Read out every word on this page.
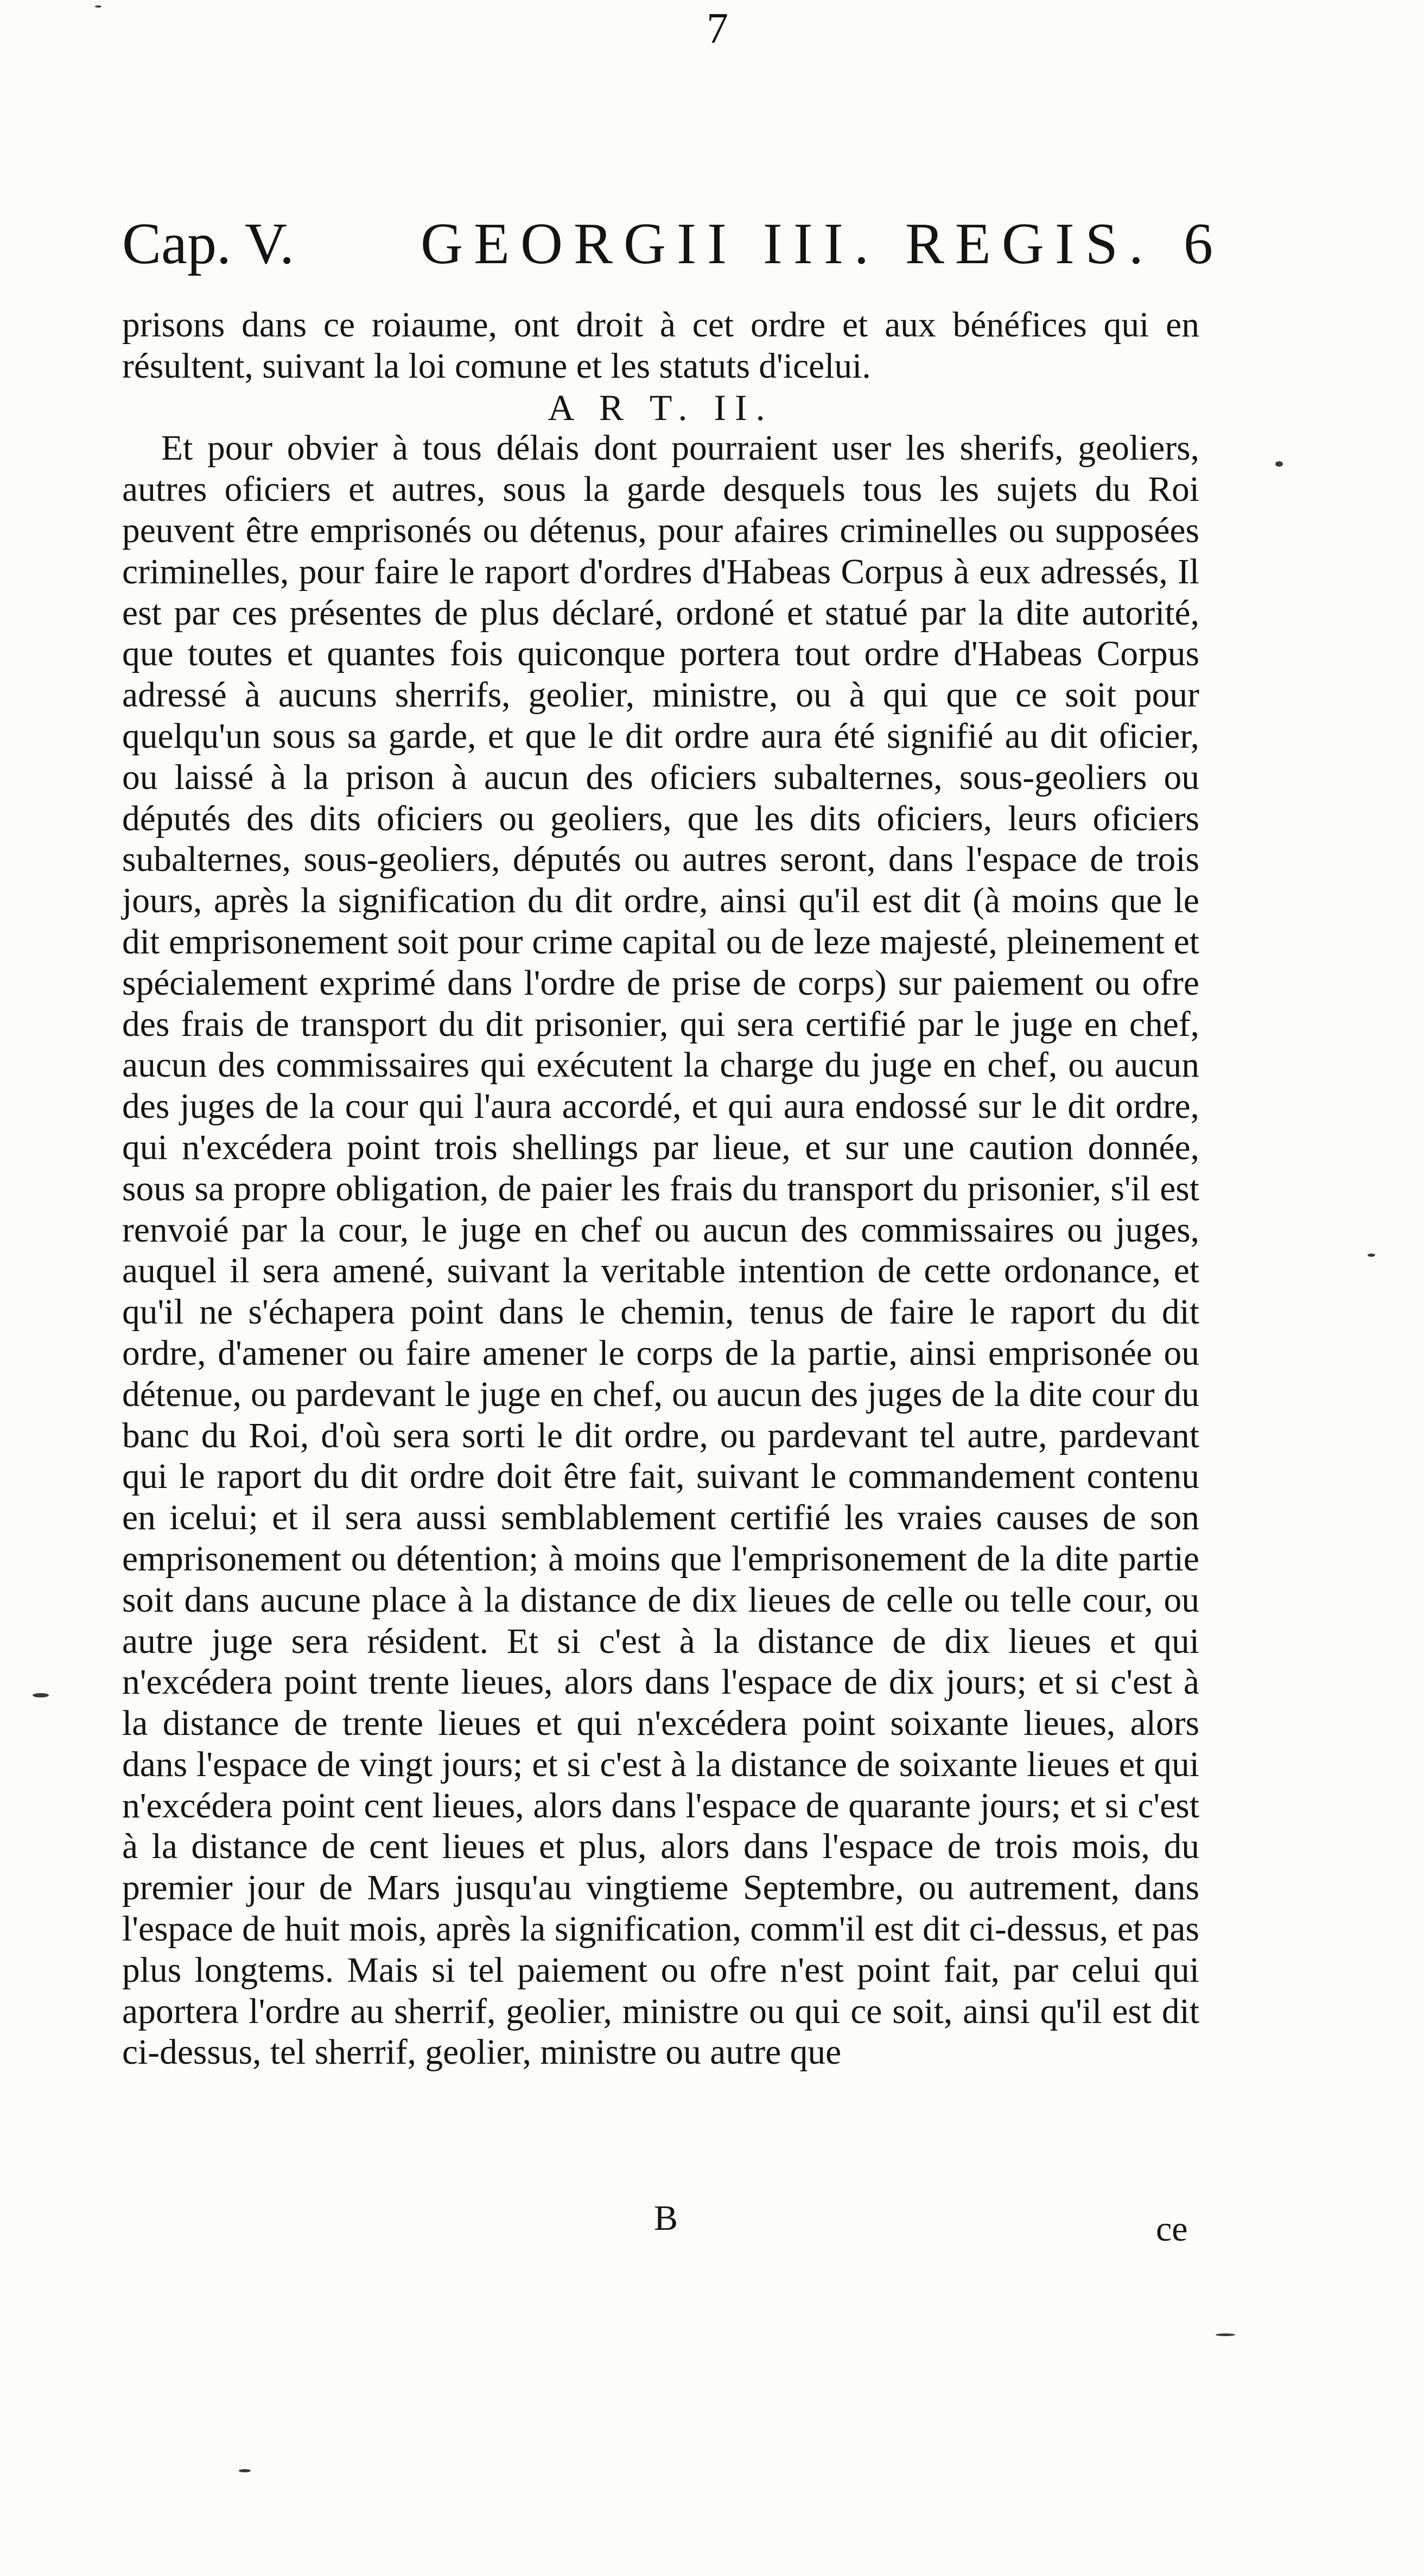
7
Cap. V. GEORGII III. REGIS. 6

prisons dans ce roiaume, ont droit à cet ordre et aux bénéfices qui en résultent, suivant la loi comune et les statuts d'icelui.

A R T. II.

Et pour obvier à tous délais dont pourraient user les sherifs, geoliers, autres oficiers et autres, sous la garde desquels tous les sujets du Roi peuvent être emprisonés ou détenus, pour afaires criminelles ou supposées criminelles, pour faire le raport d'ordres d'Habeas Corpus à eux adressés, Il est par ces présentes de plus déclaré, ordoné et statué par la dite autorité, que toutes et quantes fois quiconque portera tout ordre d'Habeas Corpus adressé à aucuns sherrifs, geolier, ministre, ou à qui que ce soit pour quelqu'un sous sa garde, et que le dit ordre aura été signifié au dit oficier, ou laissé à la prison à aucun des oficiers subalternes, sous-geoliers ou députés des dits oficiers ou geoliers, que les dits oficiers, leurs oficiers subalternes, sous-geoliers, députés ou autres seront, dans l'espace de trois jours, après la signification du dit ordre, ainsi qu'il est dit (à moins que le dit emprisonement soit pour crime capital ou de leze majesté, pleinement et spécialement exprimé dans l'ordre de prise de corps) sur paiement ou ofre des frais de transport du dit prisonier, qui sera certifié par le juge en chef, aucun des commissaires qui exécutent la charge du juge en chef, ou aucun des juges de la cour qui l'aura accordé, et qui aura endossé sur le dit ordre, qui n'excédera point trois shellings par lieue, et sur une caution donnée, sous sa propre obligation, de paier les frais du transport du prisonier, s'il est renvoié par la cour, le juge en chef ou aucun des commissaires ou juges, auquel il sera amené, suivant la veritable intention de cette ordonance, et qu'il ne s'échapera point dans le chemin, tenus de faire le raport du dit ordre, d'amener ou faire amener le corps de la partie, ainsi emprisonée ou détenue, ou pardevant le juge en chef, ou aucun des juges de la dite cour du banc du Roi, d'où sera sorti le dit ordre, ou pardevant tel autre, pardevant qui le raport du dit ordre doit être fait, suivant le commandement contenu en icelui; et il sera aussi semblablement certifié les vraies causes de son emprisonement ou détention; à moins que l'emprisonement de la dite partie soit dans aucune place à la distance de dix lieues de celle ou telle cour, ou autre juge sera résident. Et si c'est à la distance de dix lieues et qui n'excédera point trente lieues, alors dans l'espace de dix jours; et si c'est à la distance de trente lieues et qui n'excédera point soixante lieues, alors dans l'espace de vingt jours; et si c'est à la distance de soixante lieues et qui n'excédera point cent lieues, alors dans l'espace de quarante jours; et si c'est à la distance de cent lieues et plus, alors dans l'espace de trois mois, du premier jour de Mars jusqu'au vingtieme Septembre, ou autrement, dans l'espace de huit mois, après la signification, comm'il est dit ci-dessus, et pas plus longtems. Mais si tel paiement ou ofre n'est point fait, par celui qui aportera l'ordre au sherrif, geolier, ministre ou qui ce soit, ainsi qu'il est dit ci-dessus, tel sherrif, geolier, ministre ou autre que

B	ce
